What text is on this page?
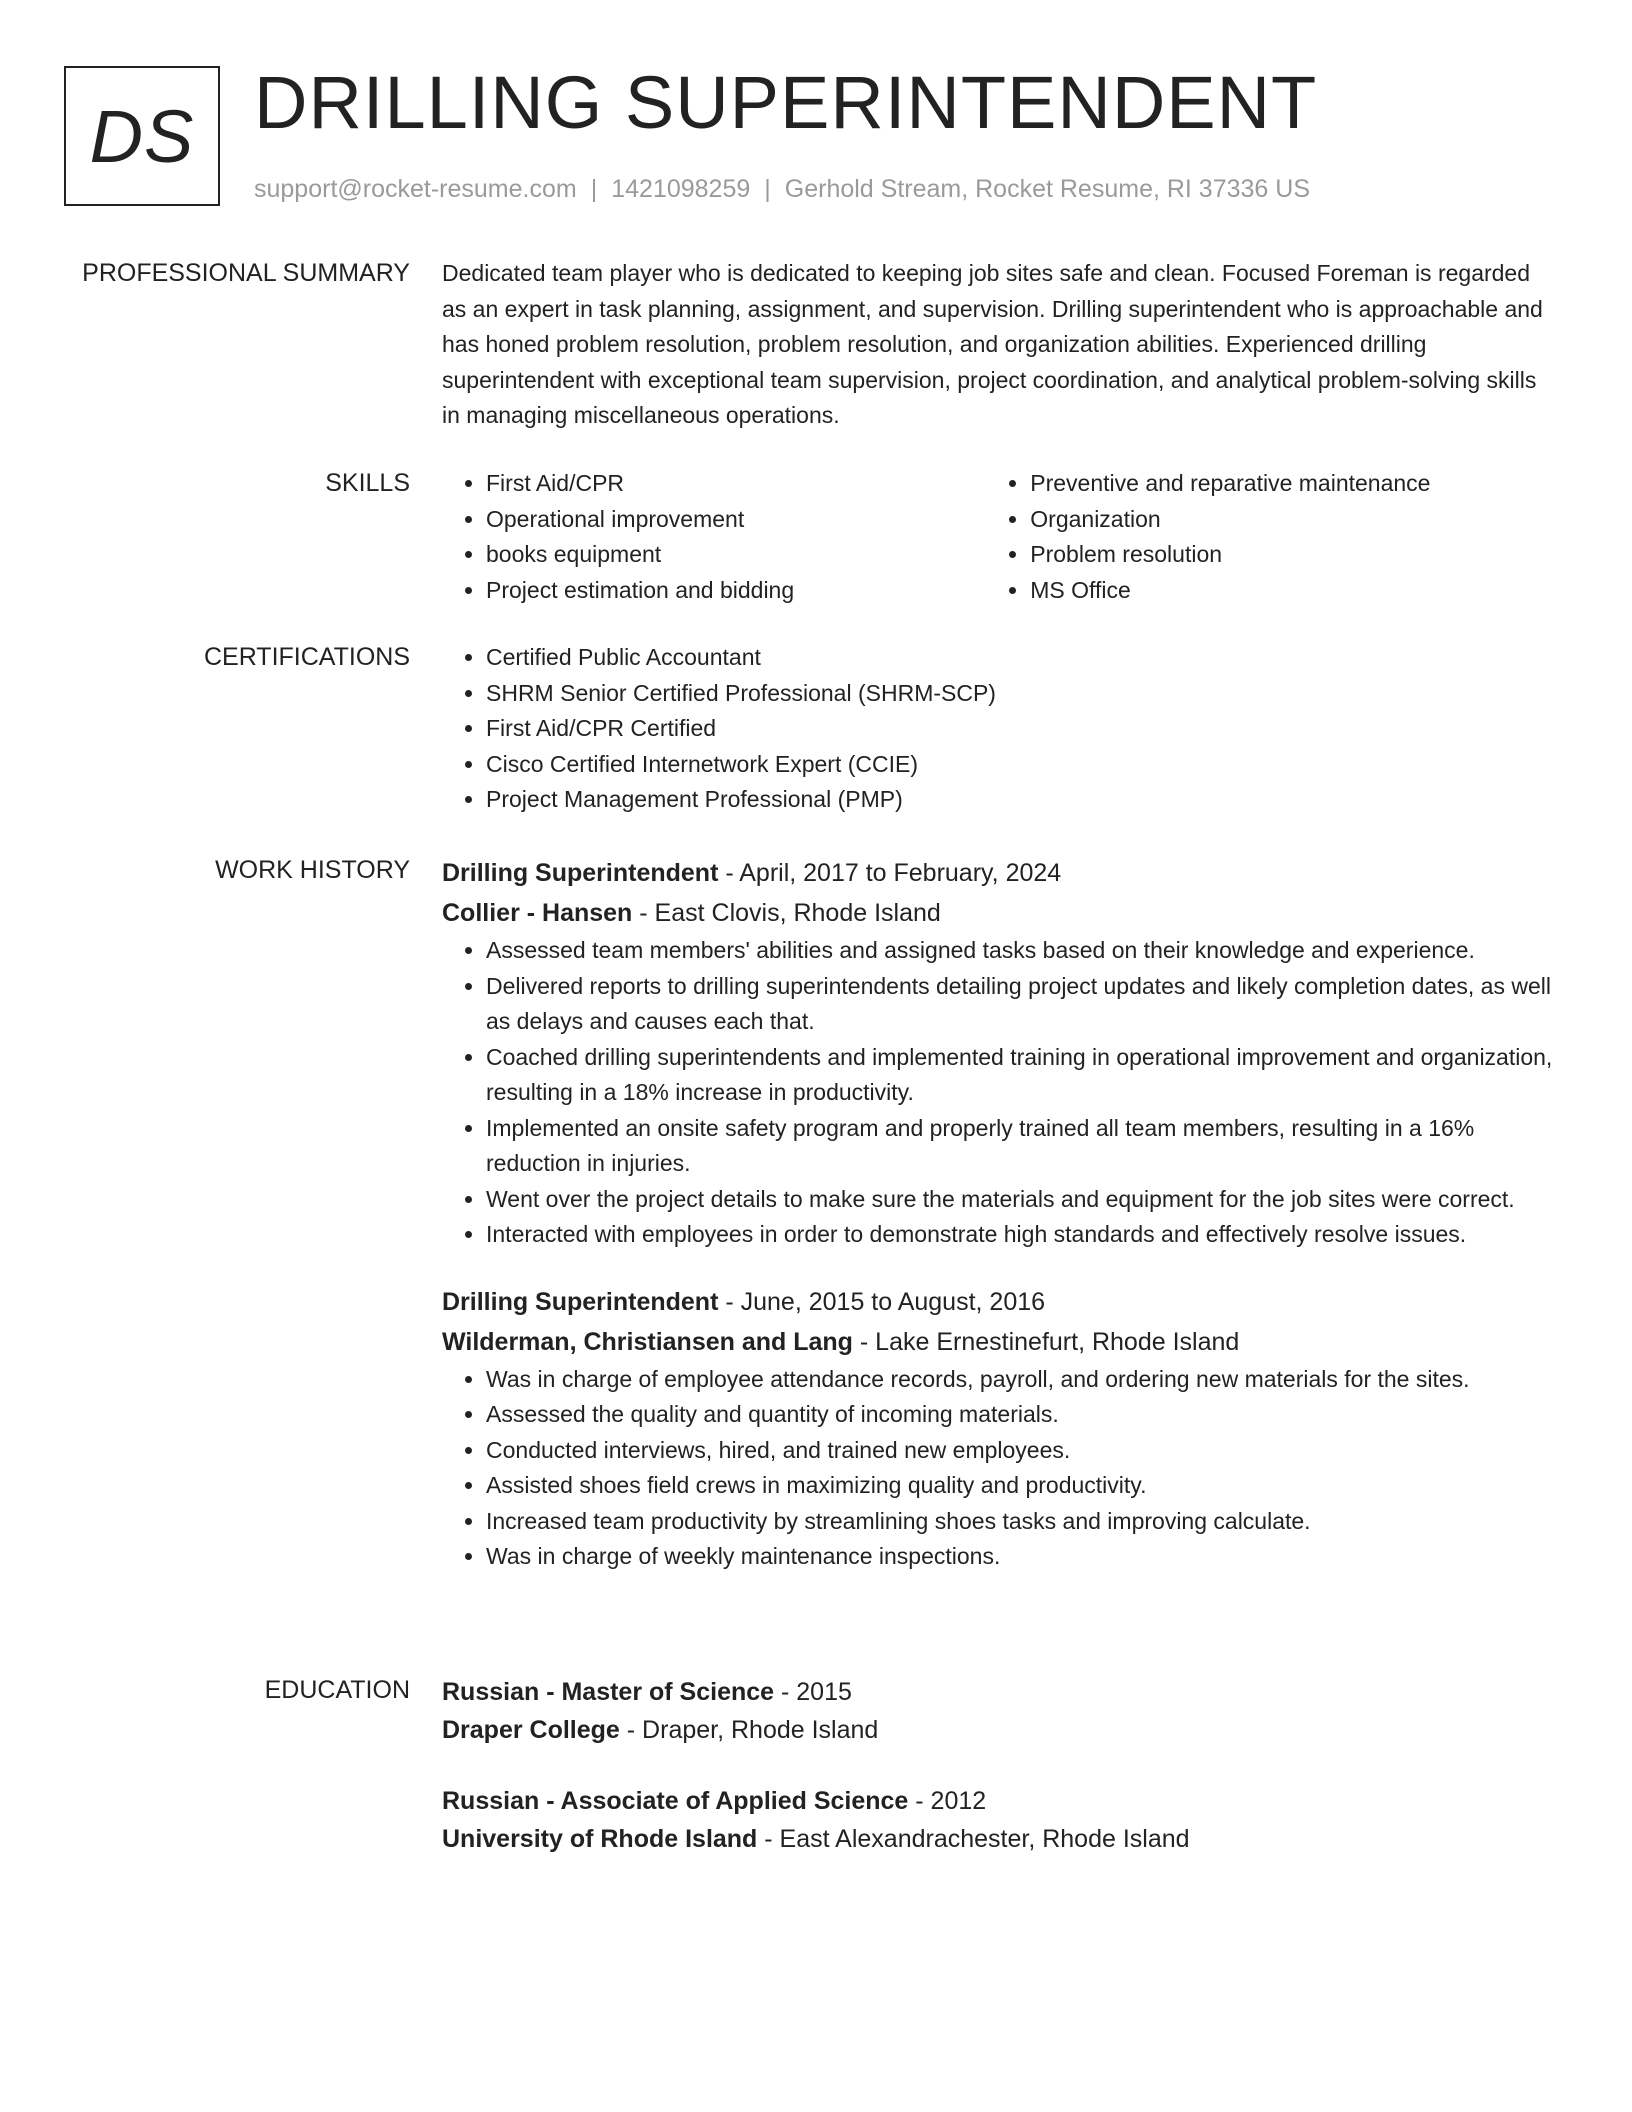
DS DRILLING SUPERINTENDENT
support@rocket-resume.com | 1421098259 | Gerhold Stream, Rocket Resume, RI 37336 US
PROFESSIONAL SUMMARY Dedicated team player who is dedicated to keeping job sites safe and clean. Focused Foreman is regarded as an expert in task planning, assignment, and supervision. Drilling superintendent who is approachable and has honed problem resolution, problem resolution, and organization abilities. Experienced drilling superintendent with exceptional team supervision, project coordination, and analytical problem-solving skills in managing miscellaneous operations.

SKILLS	• First Aid/CPR
• Operational improvement
• books equipment
• Project estimation and bidding
• Preventive and reparative maintenance
• Organization
• Problem resolution
• MS Office
CERTIFICATIONS	• Certified Public Accountant
• SHRM Senior Certified Professional (SHRM-SCP)
• First Aid/CPR Certified
• Cisco Certified Internetwork Expert (CCIE)
• Project Management Professional (PMP)
WORK HISTORY Drilling Superintendent - April, 2017 to February, 2024
Collier - Hansen - East Clovis, Rhode Island
• Assessed team members' abilities and assigned tasks based on their knowledge and experience.
• Delivered reports to drilling superintendents detailing project updates and likely completion dates, as well as delays and causes each that.
• Coached drilling superintendents and implemented training in operational improvement and organization, resulting in a 18% increase in productivity.
• Implemented an onsite safety program and properly trained all team members, resulting in a 16% reduction in injuries.
• Went over the project details to make sure the materials and equipment for the job sites were correct.
• Interacted with employees in order to demonstrate high standards and effectively resolve issues.
Drilling Superintendent - June, 2015 to August, 2016
Wilderman, Christiansen and Lang - Lake Ernestinefurt, Rhode Island
• Was in charge of employee attendance records, payroll, and ordering new materials for the sites.
• Assessed the quality and quantity of incoming materials.
• Conducted interviews, hired, and trained new employees.
• Assisted shoes field crews in maximizing quality and productivity.
• Increased team productivity by streamlining shoes tasks and improving calculate.
• Was in charge of weekly maintenance inspections.
EDUCATION Russian - Master of Science - 2015
Draper College - Draper, Rhode Island
Russian - Associate of Applied Science - 2012
University of Rhode Island - East Alexandrachester, Rhode Island
